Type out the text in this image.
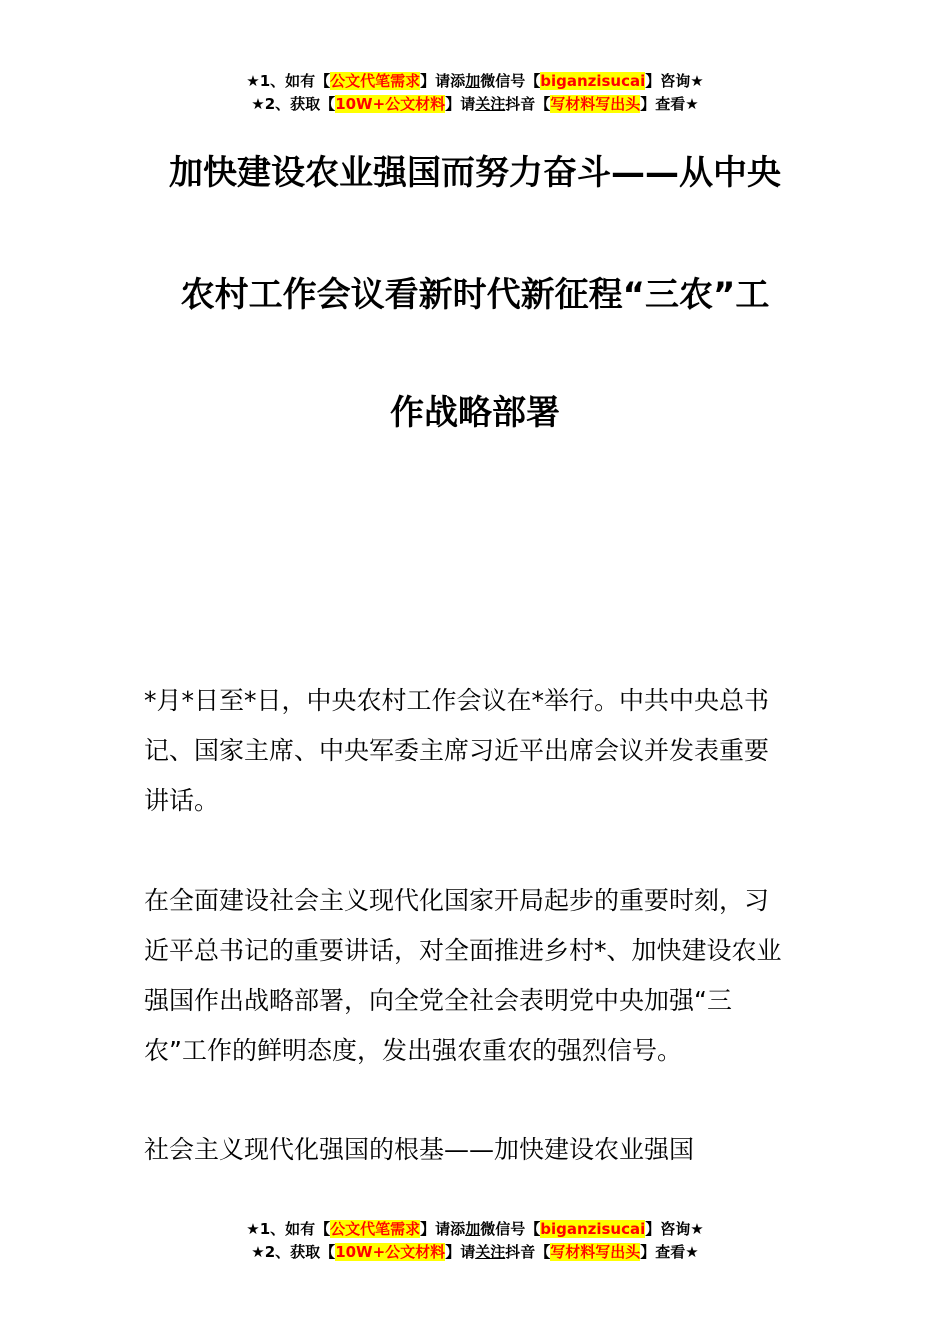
★1、如有【公文代笔需求】请添加微信号【biganzisucai】咨询★
★2、获取【10W+公文材料】请关注抖音【写材料写出头】查看★
加快建设农业强国而努力奋斗——从中央
农村工作会议看新时代新征程“三农”工
作战略部署

*月*日至*日，中央农村工作会议在*举行。中共中央总书
记、国家主席、中央军委主席习近平出席会议并发表重要
讲话。

在全面建设社会主义现代化国家开局起步的重要时刻，习
近平总书记的重要讲话，对全面推进乡村*、加快建设农业
强国作出战略部署，向全党全社会表明党中央加强“三
农”工作的鲜明态度，发出强农重农的强烈信号。

社会主义现代化强国的根基——加快建设农业强国

★1、如有【公文代笔需求】请添加微信号【biganzisucai】咨询★
★2、获取【10W+公文材料】请关注抖音【写材料写出头】查看★
